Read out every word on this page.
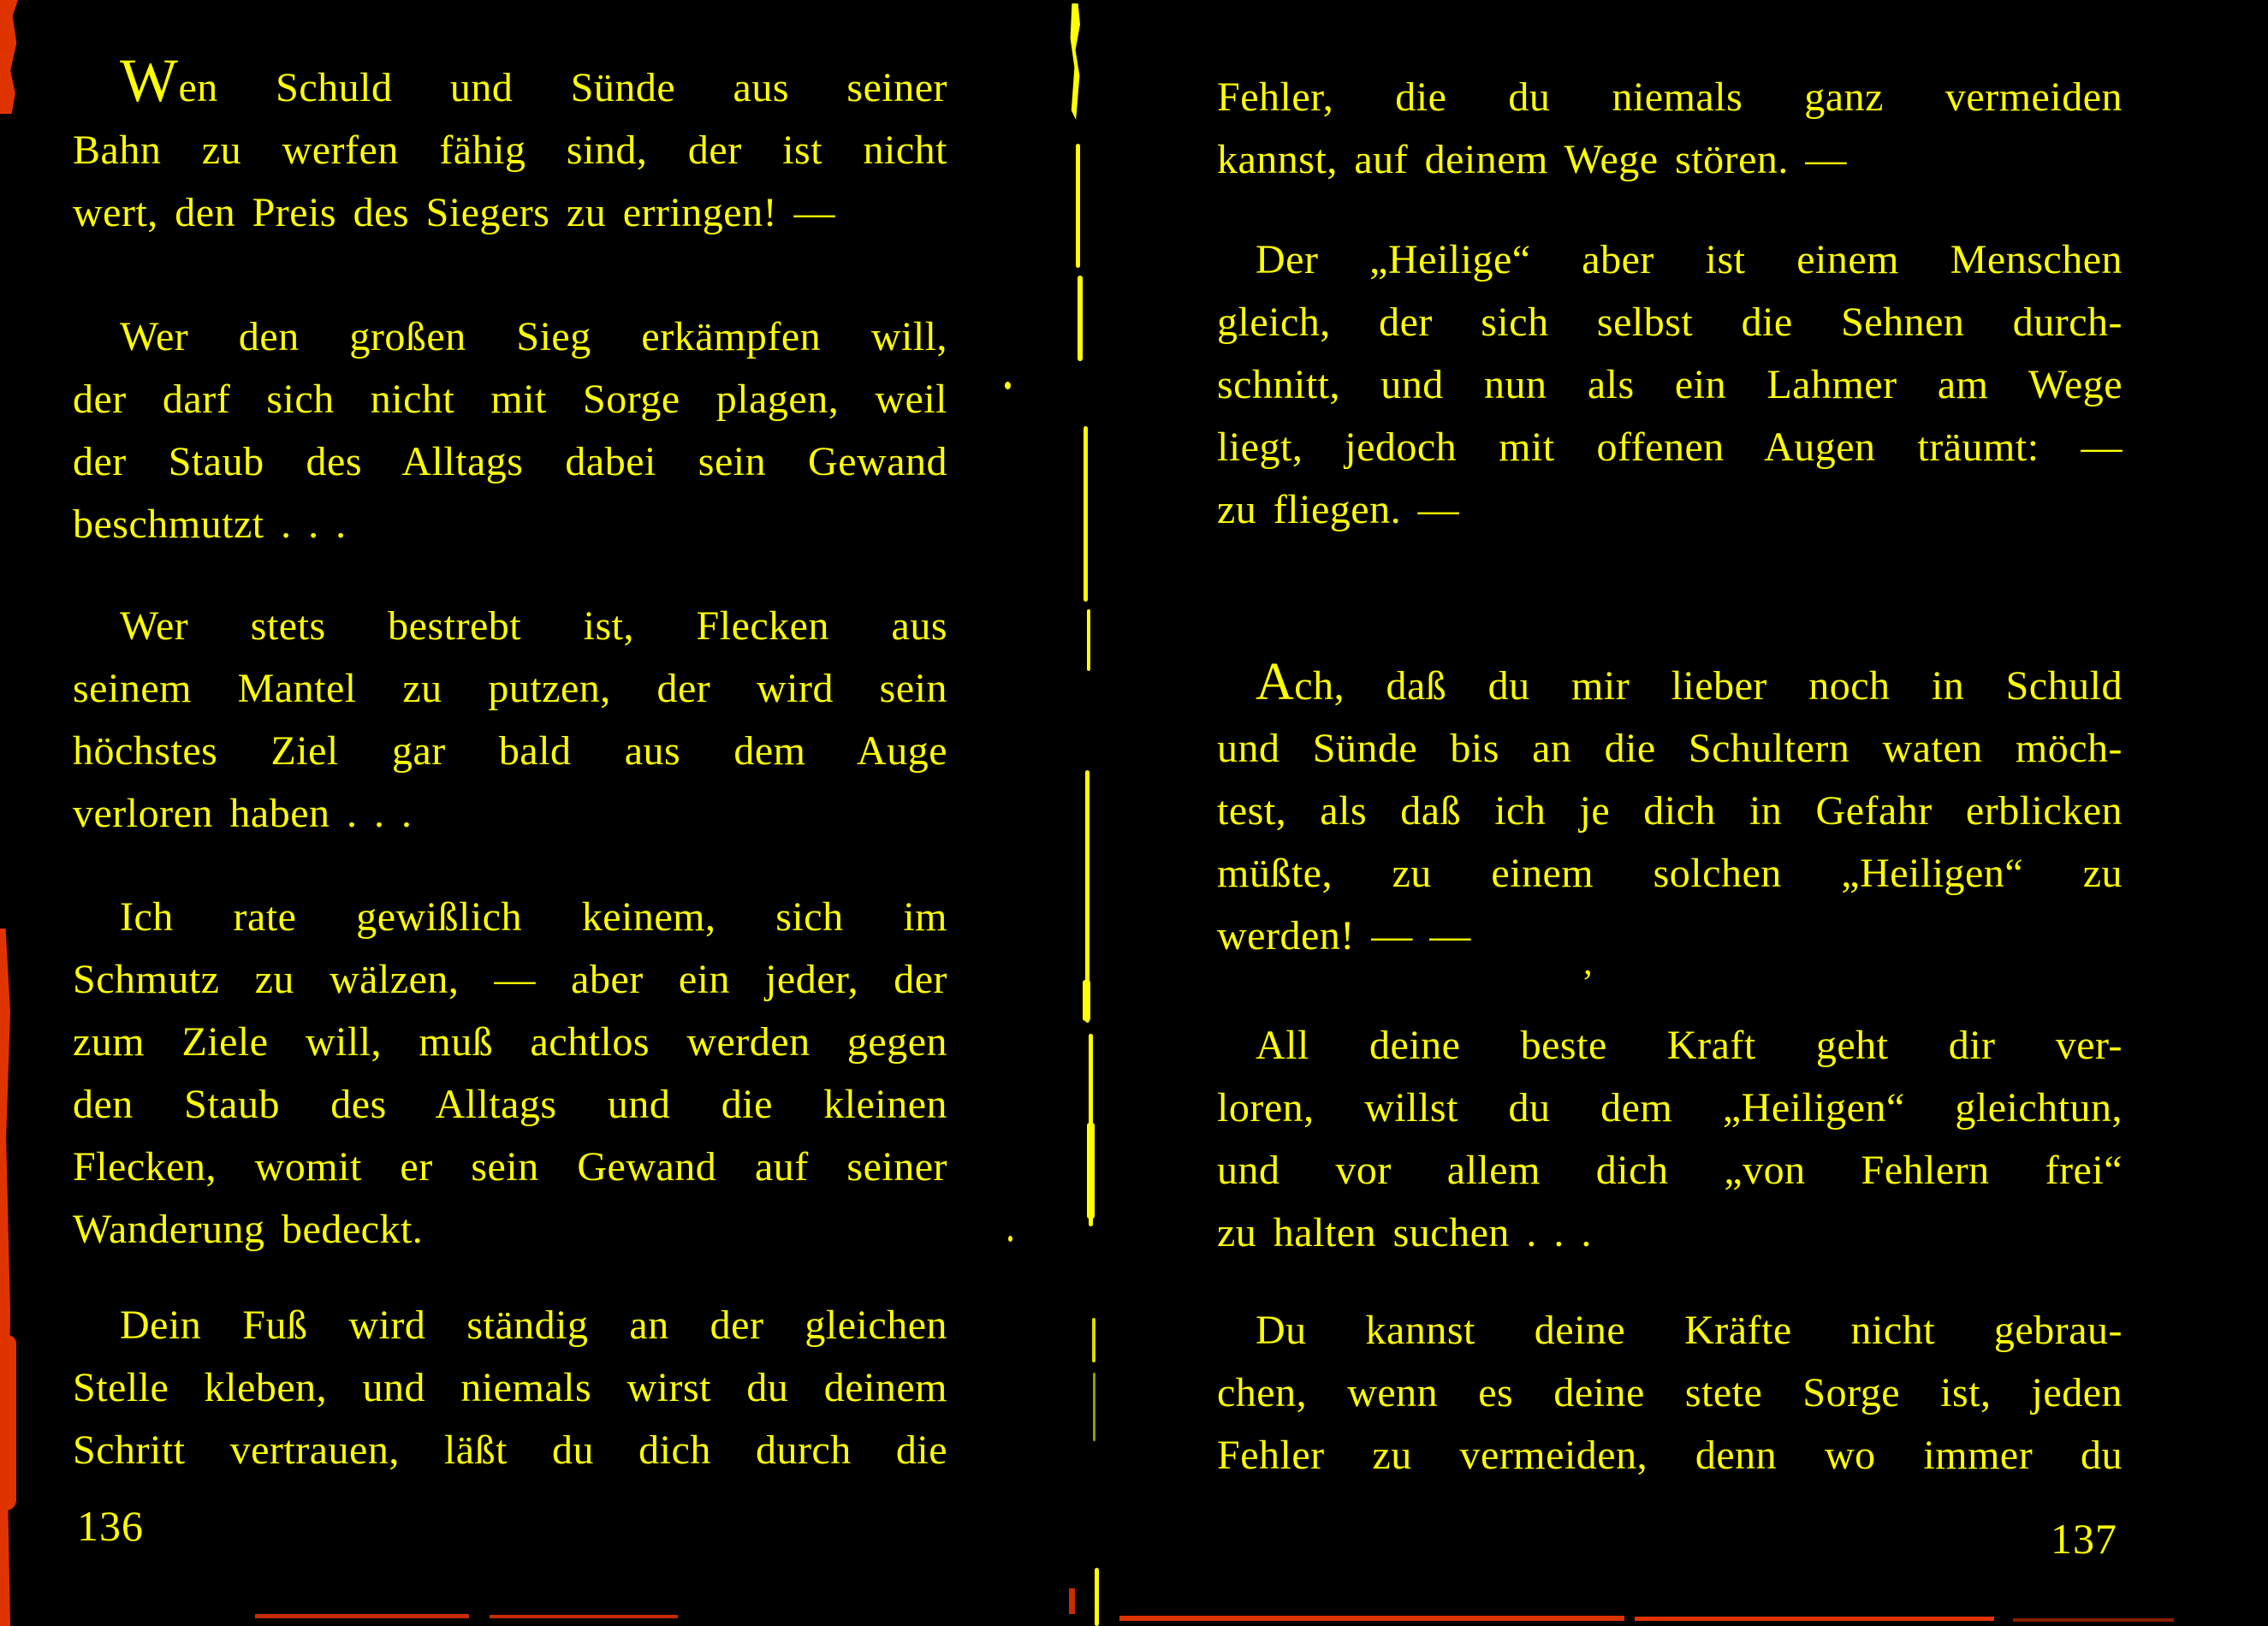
Wen Schuld und Sünde aus seiner
Bahn zu werfen fähig sind, der ist nicht
wert, den Preis des Siegers zu erringen! —
Wer den großen Sieg erkämpfen will,
der darf sich nicht mit Sorge plagen, weil
der Staub des Alltags dabei sein Gewand
beschmutzt . . .
Wer stets bestrebt ist, Flecken aus
seinem Mantel zu putzen, der wird sein
höchstes Ziel gar bald aus dem Auge
verloren haben . . .
Ich rate gewißlich keinem, sich im
Schmutz zu wälzen, — aber ein jeder, der
zum Ziele will, muß achtlos werden gegen
den Staub des Alltags und die kleinen
Flecken, womit er sein Gewand auf seiner
Wanderung bedeckt.
Dein Fuß wird ständig an der gleichen
Stelle kleben, und niemals wirst du deinem
Schritt vertrauen, läßt du dich durch die
Fehler, die du niemals ganz vermeiden
kannst, auf deinem Wege stören. —
Der „Heilige“ aber ist einem Menschen
gleich, der sich selbst die Sehnen durch-
schnitt, und nun als ein Lahmer am Wege
liegt, jedoch mit offenen Augen träumt: —
zu fliegen. —
Ach, daß du mir lieber noch in Schuld
und Sünde bis an die Schultern waten möch-
test, als daß ich je dich in Gefahr erblicken
müßte, zu einem solchen „Heiligen“ zu
werden! — —
All deine beste Kraft geht dir ver-
loren, willst du dem „Heiligen“ gleichtun,
und vor allem dich „von Fehlern frei“
zu halten suchen . . .
Du kannst deine Kräfte nicht gebrau-
chen, wenn es deine stete Sorge ist, jeden
Fehler zu vermeiden, denn wo immer du
136	137
’
